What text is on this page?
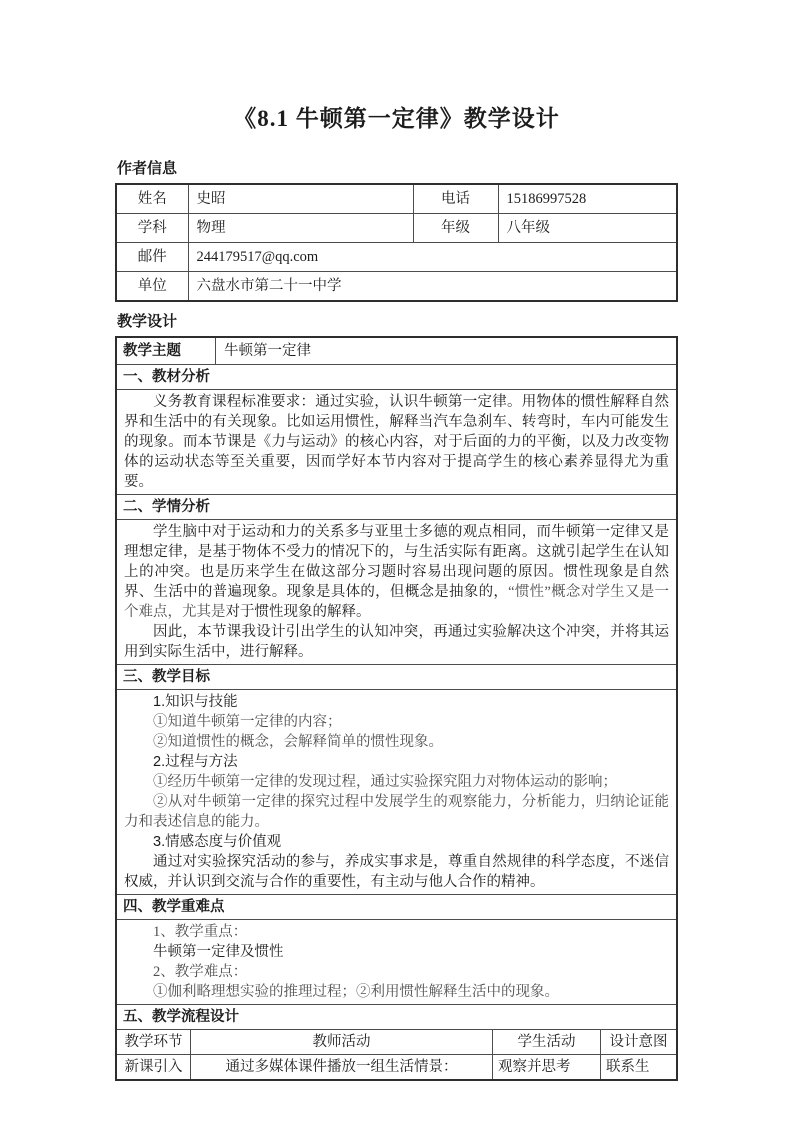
《8.1 牛顿第一定律》教学设计
作者信息
姓名	史昭	电话	15186997528
学科	物理	年级	八年级
邮件	244179517@qq.com		
单位	六盘水市第二十一中学		
教学设计
教学主题	牛顿第一定律
一、教材分析

义务教育课程标准要求：通过实验，认识牛顿第一定律。用物体的惯性解释自然界和生活中的有关现象。比如运用惯性，解释当汽车急刹车、转弯时，车内可能发生的现象。而本节课是《力与运动》的核心内容，对于后面的力的平衡，以及力改变物体的运动状态等至关重要，因而学好本节内容对于提高学生的核心素养显得尤为重要。

二、学情分析

学生脑中对于运动和力的关系多与亚里士多德的观点相同，而牛顿第一定律又是理想定律，是基于物体不受力的情况下的，与生活实际有距离。这就引起学生在认知上的冲突。也是历来学生在做这部分习题时容易出现问题的原因。惯性现象是自然界、生活中的普遍现象。现象是具体的，但概念是抽象的，“惯性”概念对学生又是一个难点，尤其是对于惯性现象的解释。

因此，本节课我设计引出学生的认知冲突，再通过实验解决这个冲突，并将其运用到实际生活中，进行解释。

三、教学目标

1.知识与技能

①知道牛顿第一定律的内容；

②知道惯性的概念，会解释简单的惯性现象。

2.过程与方法

①经历牛顿第一定律的发现过程，通过实验探究阻力对物体运动的影响；

②从对牛顿第一定律的探究过程中发展学生的观察能力，分析能力，归纳论证能力和表述信息的能力。

3.情感态度与价值观

通过对实验探究活动的参与，养成实事求是，尊重自然规律的科学态度，不迷信权威，并认识到交流与合作的重要性，有主动与他人合作的精神。

四、教学重难点

1、教学重点：

牛顿第一定律及惯性

2、教学难点：

①伽利略理想实验的推理过程；②利用惯性解释生活中的现象。

五、教学流程设计
教学环节	教师活动	学生活动	设计意图
新课引入	通过多媒体课件播放一组生活情景：	观察并思考	联系生
